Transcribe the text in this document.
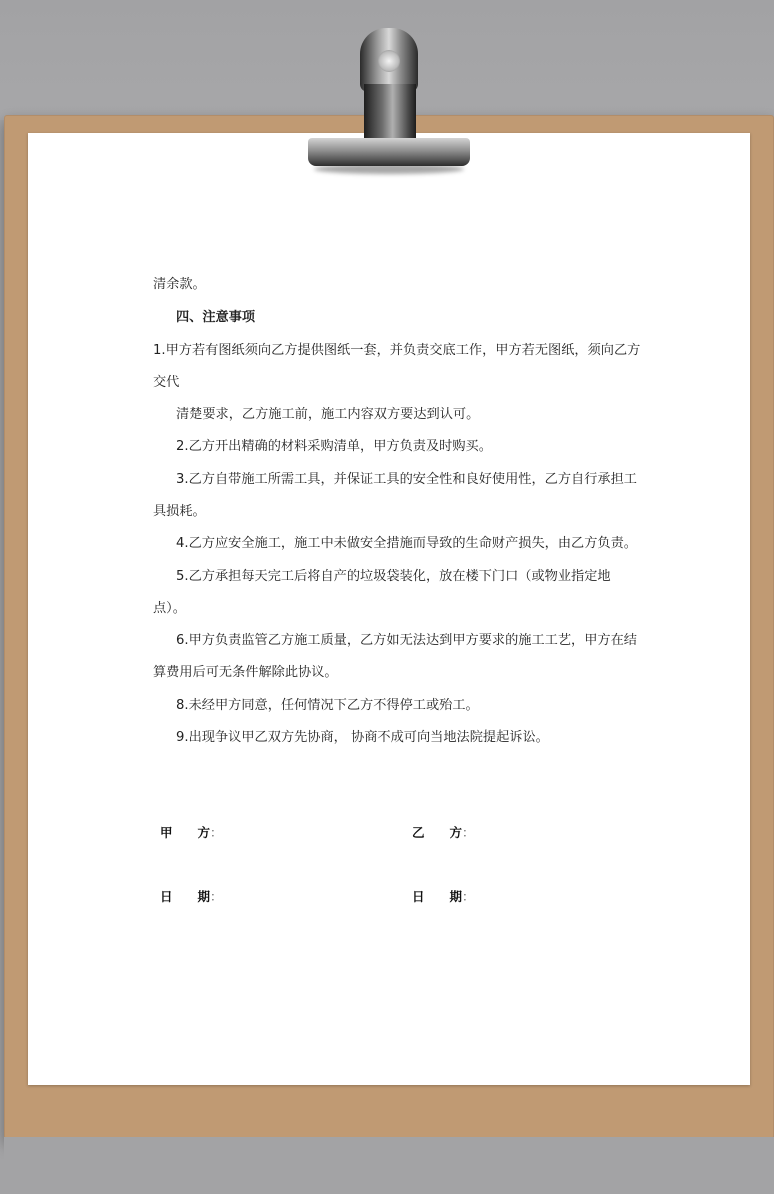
清余款。
四、注意事项
1.甲方若有图纸须向乙方提供图纸一套，并负责交底工作，甲方若无图纸，须向乙方
交代
清楚要求，乙方施工前，施工内容双方要达到认可。
2.乙方开出精确的材料采购清单，甲方负责及时购买。
3.乙方自带施工所需工具，并保证工具的安全性和良好使用性，乙方自行承担工
具损耗。
4.乙方应安全施工，施工中未做安全措施而导致的生命财产损失，由乙方负责。
5.乙方承担每天完工后将自产的垃圾袋装化，放在楼下门口（或物业指定地
点）。
6.甲方负责监管乙方施工质量，乙方如无法达到甲方要求的施工工艺，甲方在结
算费用后可无条件解除此协议。
8.未经甲方同意，任何情况下乙方不得停工或殆工。
9.出现争议甲乙双方先协商， 协商不成可向当地法院提起诉讼。
甲　　方：	乙　　方：
日　　期：	日　　期：
